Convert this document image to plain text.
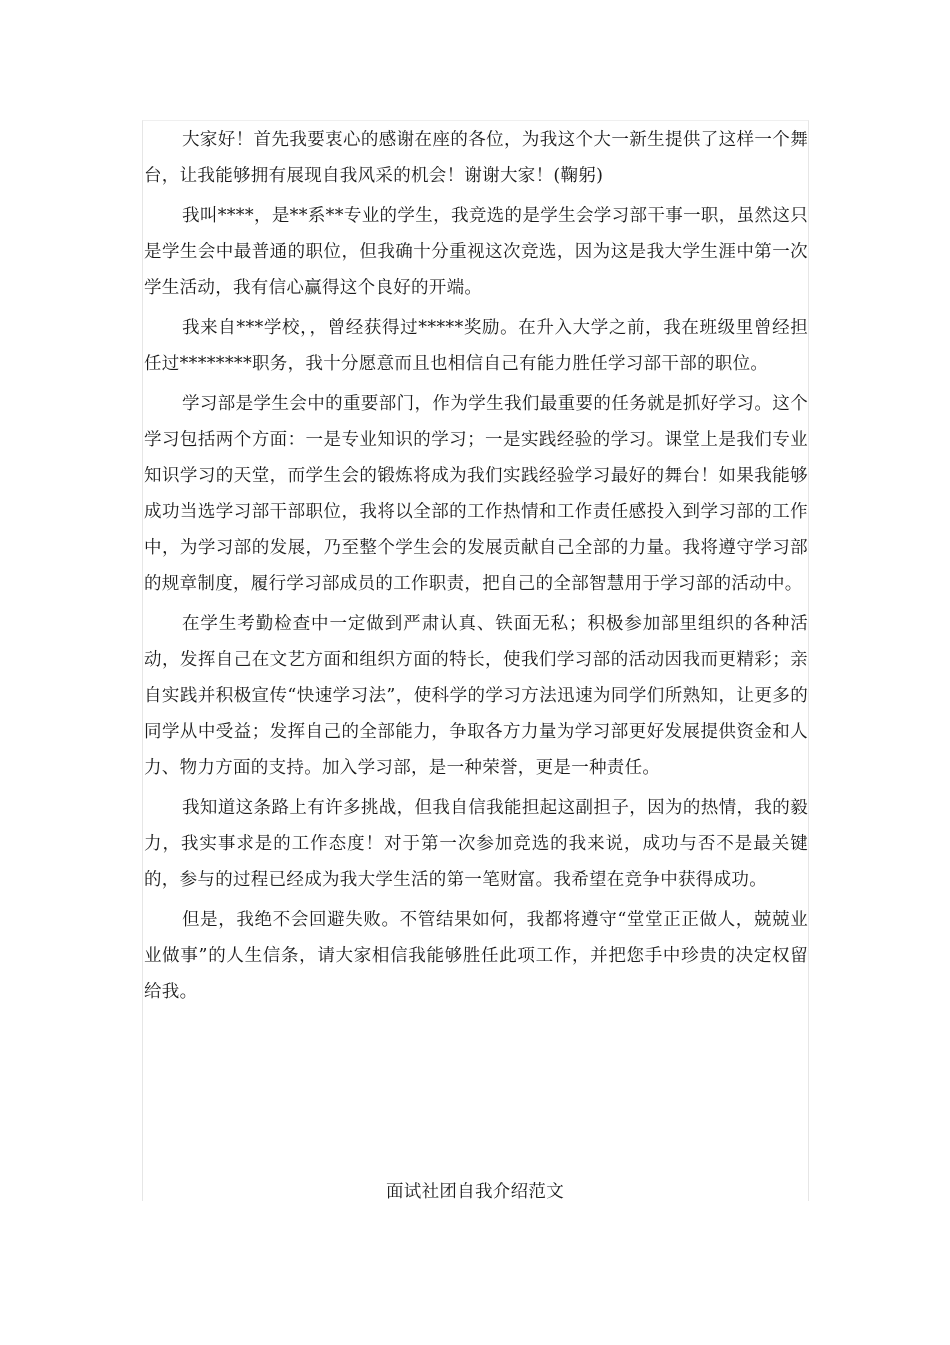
大家好！首先我要衷心的感谢在座的各位，为我这个大一新生提供了这样一个舞台，让我能够拥有展现自我风采的机会！谢谢大家！(鞠躬)

我叫****，是**系**专业的学生，我竞选的是学生会学习部干事一职，虽然这只是学生会中最普通的职位，但我确十分重视这次竞选，因为这是我大学生涯中第一次学生活动，我有信心赢得这个良好的开端。

我来自***学校，，曾经获得过*****奖励。在升入大学之前，我在班级里曾经担任过********职务，我十分愿意而且也相信自己有能力胜任学习部干部的职位。

学习部是学生会中的重要部门，作为学生我们最重要的任务就是抓好学习。这个学习包括两个方面：一是专业知识的学习；一是实践经验的学习。课堂上是我们专业知识学习的天堂，而学生会的锻炼将成为我们实践经验学习最好的舞台！如果我能够成功当选学习部干部职位，我将以全部的工作热情和工作责任感投入到学习部的工作中，为学习部的发展，乃至整个学生会的发展贡献自己全部的力量。我将遵守学习部的规章制度，履行学习部成员的工作职责，把自己的全部智慧用于学习部的活动中。

在学生考勤检查中一定做到严肃认真、铁面无私；积极参加部里组织的各种活动，发挥自己在文艺方面和组织方面的特长，使我们学习部的活动因我而更精彩；亲自实践并积极宣传“快速学习法”，使科学的学习方法迅速为同学们所熟知，让更多的同学从中受益；发挥自己的全部能力，争取各方力量为学习部更好发展提供资金和人力、物力方面的支持。加入学习部，是一种荣誉，更是一种责任。

我知道这条路上有许多挑战，但我自信我能担起这副担子，因为的热情，我的毅力，我实事求是的工作态度！对于第一次参加竞选的我来说，成功与否不是最关键的，参与的过程已经成为我大学生活的第一笔财富。我希望在竞争中获得成功。

但是，我绝不会回避失败。不管结果如何，我都将遵守“堂堂正正做人，兢兢业业做事”的人生信条，请大家相信我能够胜任此项工作，并把您手中珍贵的决定权留给我。

面试社团自我介绍范文
